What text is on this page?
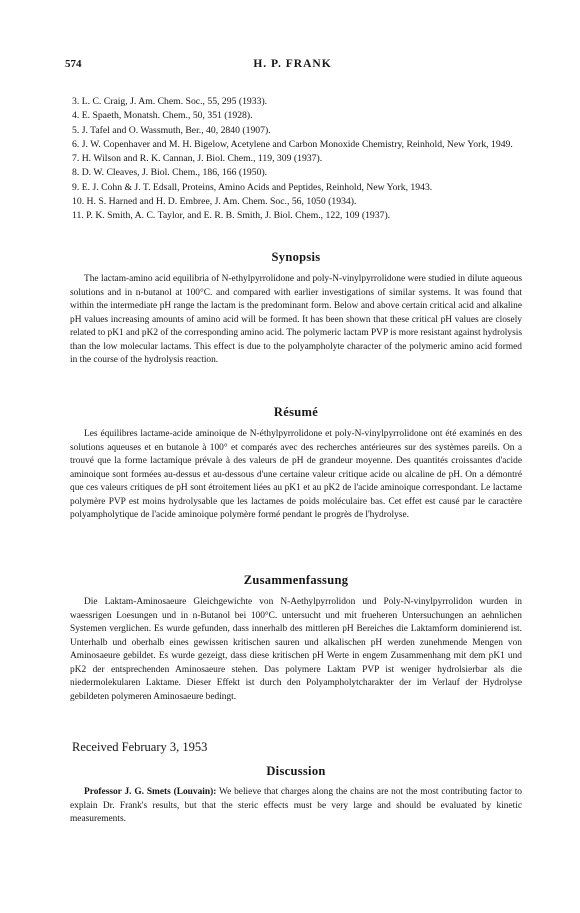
574	H. P. FRANK
3. L. C. Craig, J. Am. Chem. Soc., 55, 295 (1933).
4. E. Spaeth, Monatsh. Chem., 50, 351 (1928).
5. J. Tafel and O. Wassmuth, Ber., 40, 2840 (1907).
6. J. W. Copenhaver and M. H. Bigelow, Acetylene and Carbon Monoxide Chemistry, Reinhold, New York, 1949.
7. H. Wilson and R. K. Cannan, J. Biol. Chem., 119, 309 (1937).
8. D. W. Cleaves, J. Biol. Chem., 186, 166 (1950).
9. E. J. Cohn & J. T. Edsall, Proteins, Amino Acids and Peptides, Reinhold, New York, 1943.
10. H. S. Harned and H. D. Embree, J. Am. Chem. Soc., 56, 1050 (1934).
11. P. K. Smith, A. C. Taylor, and E. R. B. Smith, J. Biol. Chem., 122, 109 (1937).
Synopsis

The lactam-amino acid equilibria of N-ethylpyrrolidone and poly-N-vinylpyrrolidone were studied in dilute aqueous solutions and in n-butanol at 100°C. and compared with earlier investigations of similar systems. It was found that within the intermediate pH range the lactam is the predominant form. Below and above certain critical acid and alkaline pH values increasing amounts of amino acid will be formed. It has been shown that these critical pH values are closely related to pK1 and pK2 of the corresponding amino acid. The polymeric lactam PVP is more resistant against hydrolysis than the low molecular lactams. This effect is due to the polyampholyte character of the polymeric amino acid formed in the course of the hydrolysis reaction.

Résumé

Les équilibres lactame-acide aminoique de N-éthylpyrrolidone et poly-N-vinylpyrrolidone ont été examinés en des solutions aqueuses et en butanole à 100° et comparés avec des recherches antérieures sur des systèmes pareils. On a trouvé que la forme lactamique prévale à des valeurs de pH de grandeur moyenne. Des quantités croissantes d'acide aminoique sont formées au-dessus et au-dessous d'une certaine valeur critique acide ou alcaline de pH. On a démontré que ces valeurs critiques de pH sont étroitement liées au pK1 et au pK2 de l'acide aminoique correspondant. Le lactame polymère PVP est moins hydrolysable que les lactames de poids moléculaire bas. Cet effet est causé par le caractère polyampholytique de l'acide aminoique polymère formé pendant le progrès de l'hydrolyse.

Zusammenfassung

Die Laktam-Aminosaeure Gleichgewichte von N-Aethylpyrrolidon und Poly-N-vinylpyrrolidon wurden in waessrigen Loesungen und in n-Butanol bei 100°C. untersucht und mit frueheren Untersuchungen an aehnlichen Systemen verglichen. Es wurde gefunden, dass innerhalb des mittleren pH Bereiches die Laktamform dominierend ist. Unterhalb und oberhalb eines gewissen kritischen sauren und alkalischen pH werden zunehmende Mengen von Aminosaeure gebildet. Es wurde gezeigt, dass diese kritischen pH Werte in engem Zusammenhang mit dem pK1 und pK2 der entsprechenden Aminosaeure stehen. Das polymere Laktam PVP ist weniger hydrolsierbar als die niedermolekularen Laktame. Dieser Effekt ist durch den Polyampholytcharakter der im Verlauf der Hydrolyse gebildeten polymeren Aminosaeure bedingt.

Received February 3, 1953
Discussion

Professor J. G. Smets (Louvain): We believe that charges along the chains are not the most contributing factor to explain Dr. Frank's results, but that the steric effects must be very large and should be evaluated by kinetic measurements.
